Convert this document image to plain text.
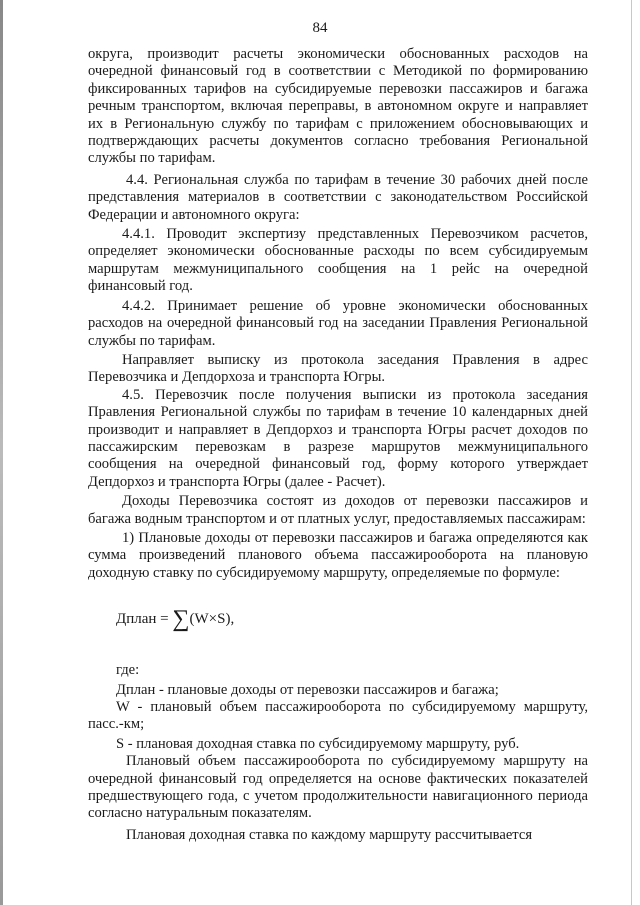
84

округа, производит расчеты экономически обоснованных расходов на очередной финансовый год в соответствии с Методикой по формированию фиксированных тарифов на субсидируемые перевозки пассажиров и багажа речным транспортом, включая переправы, в автономном округе и направляет их в Региональную службу по тарифам с приложением обосновывающих и подтверждающих расчеты документов согласно требования Региональной службы по тарифам.

4.4. Региональная служба по тарифам в течение 30 рабочих дней после представления материалов в соответствии с законодательством Российской Федерации и автономного округа:

4.4.1. Проводит экспертизу представленных Перевозчиком расчетов, определяет экономически обоснованные расходы по всем субсидируемым маршрутам межмуниципального сообщения на 1 рейс на очередной финансовый год.

4.4.2. Принимает решение об уровне экономически обоснованных расходов на очередной финансовый год на заседании Правления Региональной службы по тарифам.

Направляет выписку из протокола заседания Правления в адрес Перевозчика и Депдорхоза и транспорта Югры.

4.5. Перевозчик после получения выписки из протокола заседания Правления Региональной службы по тарифам в течение 10 календарных дней производит и направляет в Депдорхоз и транспорта Югры расчет доходов по пассажирским перевозкам в разрезе маршрутов межмуниципального сообщения на очередной финансовый год, форму которого утверждает Депдорхоз и транспорта Югры (далее - Расчет).

Доходы Перевозчика состоят из доходов от перевозки пассажиров и багажа водным транспортом и от платных услуг, предоставляемых пассажирам:

1) Плановые доходы от перевозки пассажиров и багажа определяются как сумма произведений планового объема пассажирооборота на плановую доходную ставку по субсидируемому маршруту, определяемые по формуле:

Дплан = ∑(W×S),

где:

Дплан - плановые доходы от перевозки пассажиров и багажа;

W - плановый объем пассажирооборота по субсидируемому маршруту, пасс.-км;

S - плановая доходная ставка по субсидируемому маршруту, руб.

Плановый объем пассажирооборота по субсидируемому маршруту на очередной финансовый год определяется на основе фактических показателей предшествующего года, с учетом продолжительности навигационного периода согласно натуральным показателям.

Плановая доходная ставка по каждому маршруту рассчитывается
